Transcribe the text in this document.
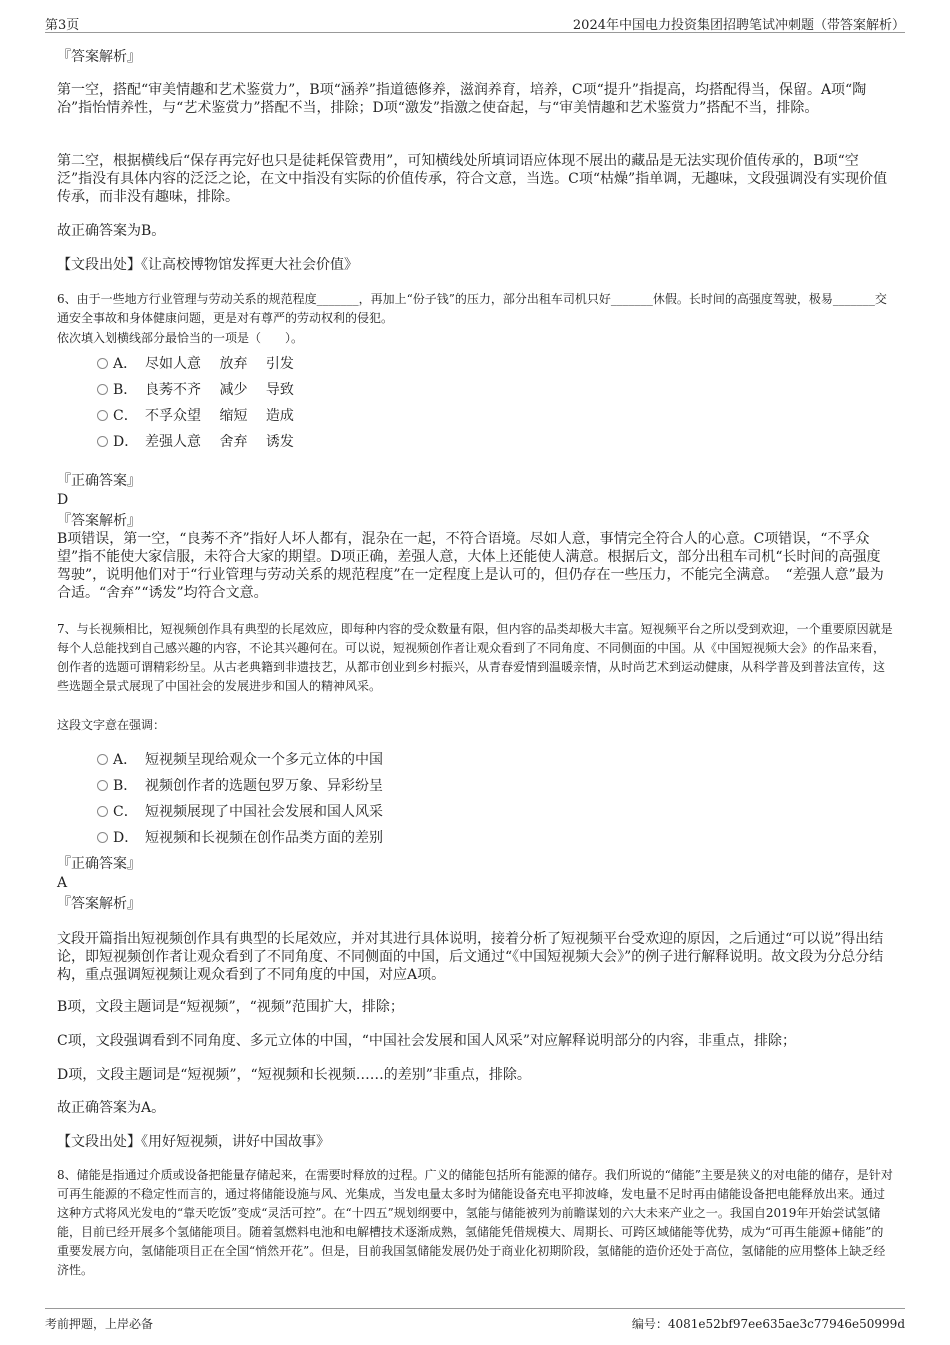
第3页	2024年中国电力投资集团招聘笔试冲刺题（带答案解析）

『答案解析』

第一空，搭配“审美情趣和艺术鉴赏力”，B项“涵养”指道德修养，滋润养育，培养，C项“提升”指提高，均搭配得当，保留。A项“陶冶”指怡情养性，与“艺术鉴赏力”搭配不当，排除；D项“激发”指激之使奋起，与“审美情趣和艺术鉴赏力”搭配不当，排除。

第二空，根据横线后“保存再完好也只是徒耗保管费用”，可知横线处所填词语应体现不展出的藏品是无法实现价值传承的，B项“空泛”指没有具体内容的泛泛之论，在文中指没有实际的价值传承，符合文意，当选。C项“枯燥”指单调，无趣味，文段强调没有实现价值传承，而非没有趣味，排除。

故正确答案为B。

【文段出处】《让高校博物馆发挥更大社会价值》

6、由于一些地方行业管理与劳动关系的规范程度_______，再加上“份子钱”的压力，部分出租车司机只好_______休假。长时间的高强度驾驶，极易_______交通安全事故和身体健康问题，更是对有尊严的劳动权利的侵犯。

依次填入划横线部分最恰当的一项是（　　）。

A． 尽如人意　 放弃　 引发
B． 良莠不齐　 减少　 导致
C． 不孚众望　 缩短　 造成
D． 差强人意　 舍弃　 诱发

『正确答案』

D

『答案解析』

B项错误，第一空，“良莠不齐”指好人坏人都有，混杂在一起，不符合语境。尽如人意，事情完全符合人的心意。C项错误，“不孚众望”指不能使大家信服，未符合大家的期望。D项正确，差强人意，大体上还能使人满意。根据后文，部分出租车司机“长时间的高强度驾驶”，说明他们对于“行业管理与劳动关系的规范程度”在一定程度上是认可的，但仍存在一些压力，不能完全满意。　“差强人意”最为合适。“舍弃”“诱发”均符合文意。

7、与长视频相比，短视频创作具有典型的长尾效应，即每种内容的受众数量有限，但内容的品类却极大丰富。短视频平台之所以受到欢迎，一个重要原因就是每个人总能找到自己感兴趣的内容，不论其兴趣何在。可以说，短视频创作者让观众看到了不同角度、不同侧面的中国。从《中国短视频大会》的作品来看，创作者的选题可谓精彩纷呈。从古老典籍到非遗技艺，从都市创业到乡村振兴，从青春爱情到温暖亲情，从时尚艺术到运动健康，从科学普及到普法宣传，这些选题全景式展现了中国社会的发展进步和国人的精神风采。

这段文字意在强调：

A． 短视频呈现给观众一个多元立体的中国
B． 视频创作者的选题包罗万象、异彩纷呈
C． 短视频展现了中国社会发展和国人风采
D． 短视频和长视频在创作品类方面的差别

『正确答案』

A

『答案解析』

文段开篇指出短视频创作具有典型的长尾效应，并对其进行具体说明，接着分析了短视频平台受欢迎的原因，之后通过“可以说”得出结论，即短视频创作者让观众看到了不同角度、不同侧面的中国，后文通过“《中国短视频大会》”的例子进行解释说明。故文段为分总分结构，重点强调短视频让观众看到了不同角度的中国，对应A项。

B项，文段主题词是“短视频”，“视频”范围扩大，排除；

C项，文段强调看到不同角度、多元立体的中国，“中国社会发展和国人风采”对应解释说明部分的内容，非重点，排除；

D项，文段主题词是“短视频”，“短视频和长视频……的差别”非重点，排除。

故正确答案为A。

【文段出处】《用好短视频，讲好中国故事》

8、储能是指通过介质或设备把能量存储起来，在需要时释放的过程。广义的储能包括所有能源的储存。我们所说的“储能”主要是狭义的对电能的储存，是针对可再生能源的不稳定性而言的，通过将储能设施与风、光集成，当发电量太多时为储能设备充电平抑波峰，发电量不足时再由储能设备把电能释放出来。通过这种方式将风光发电的“靠天吃饭”变成“灵活可控”。在“十四五”规划纲要中，氢能与储能被列为前瞻谋划的六大未来产业之一。我国自2019年开始尝试氢储能，目前已经开展多个氢储能项目。随着氢燃料电池和电解槽技术逐渐成熟，氢储能凭借规模大、周期长、可跨区域储能等优势，成为“可再生能源+储能”的重要发展方向，氢储能项目正在全国“悄然开花”。但是，目前我国氢储能发展仍处于商业化初期阶段，氢储能的造价还处于高位，氢储能的应用整体上缺乏经济性。

考前押题，上岸必备	编号：4081e52bf97ee635ae3c77946e50999d
